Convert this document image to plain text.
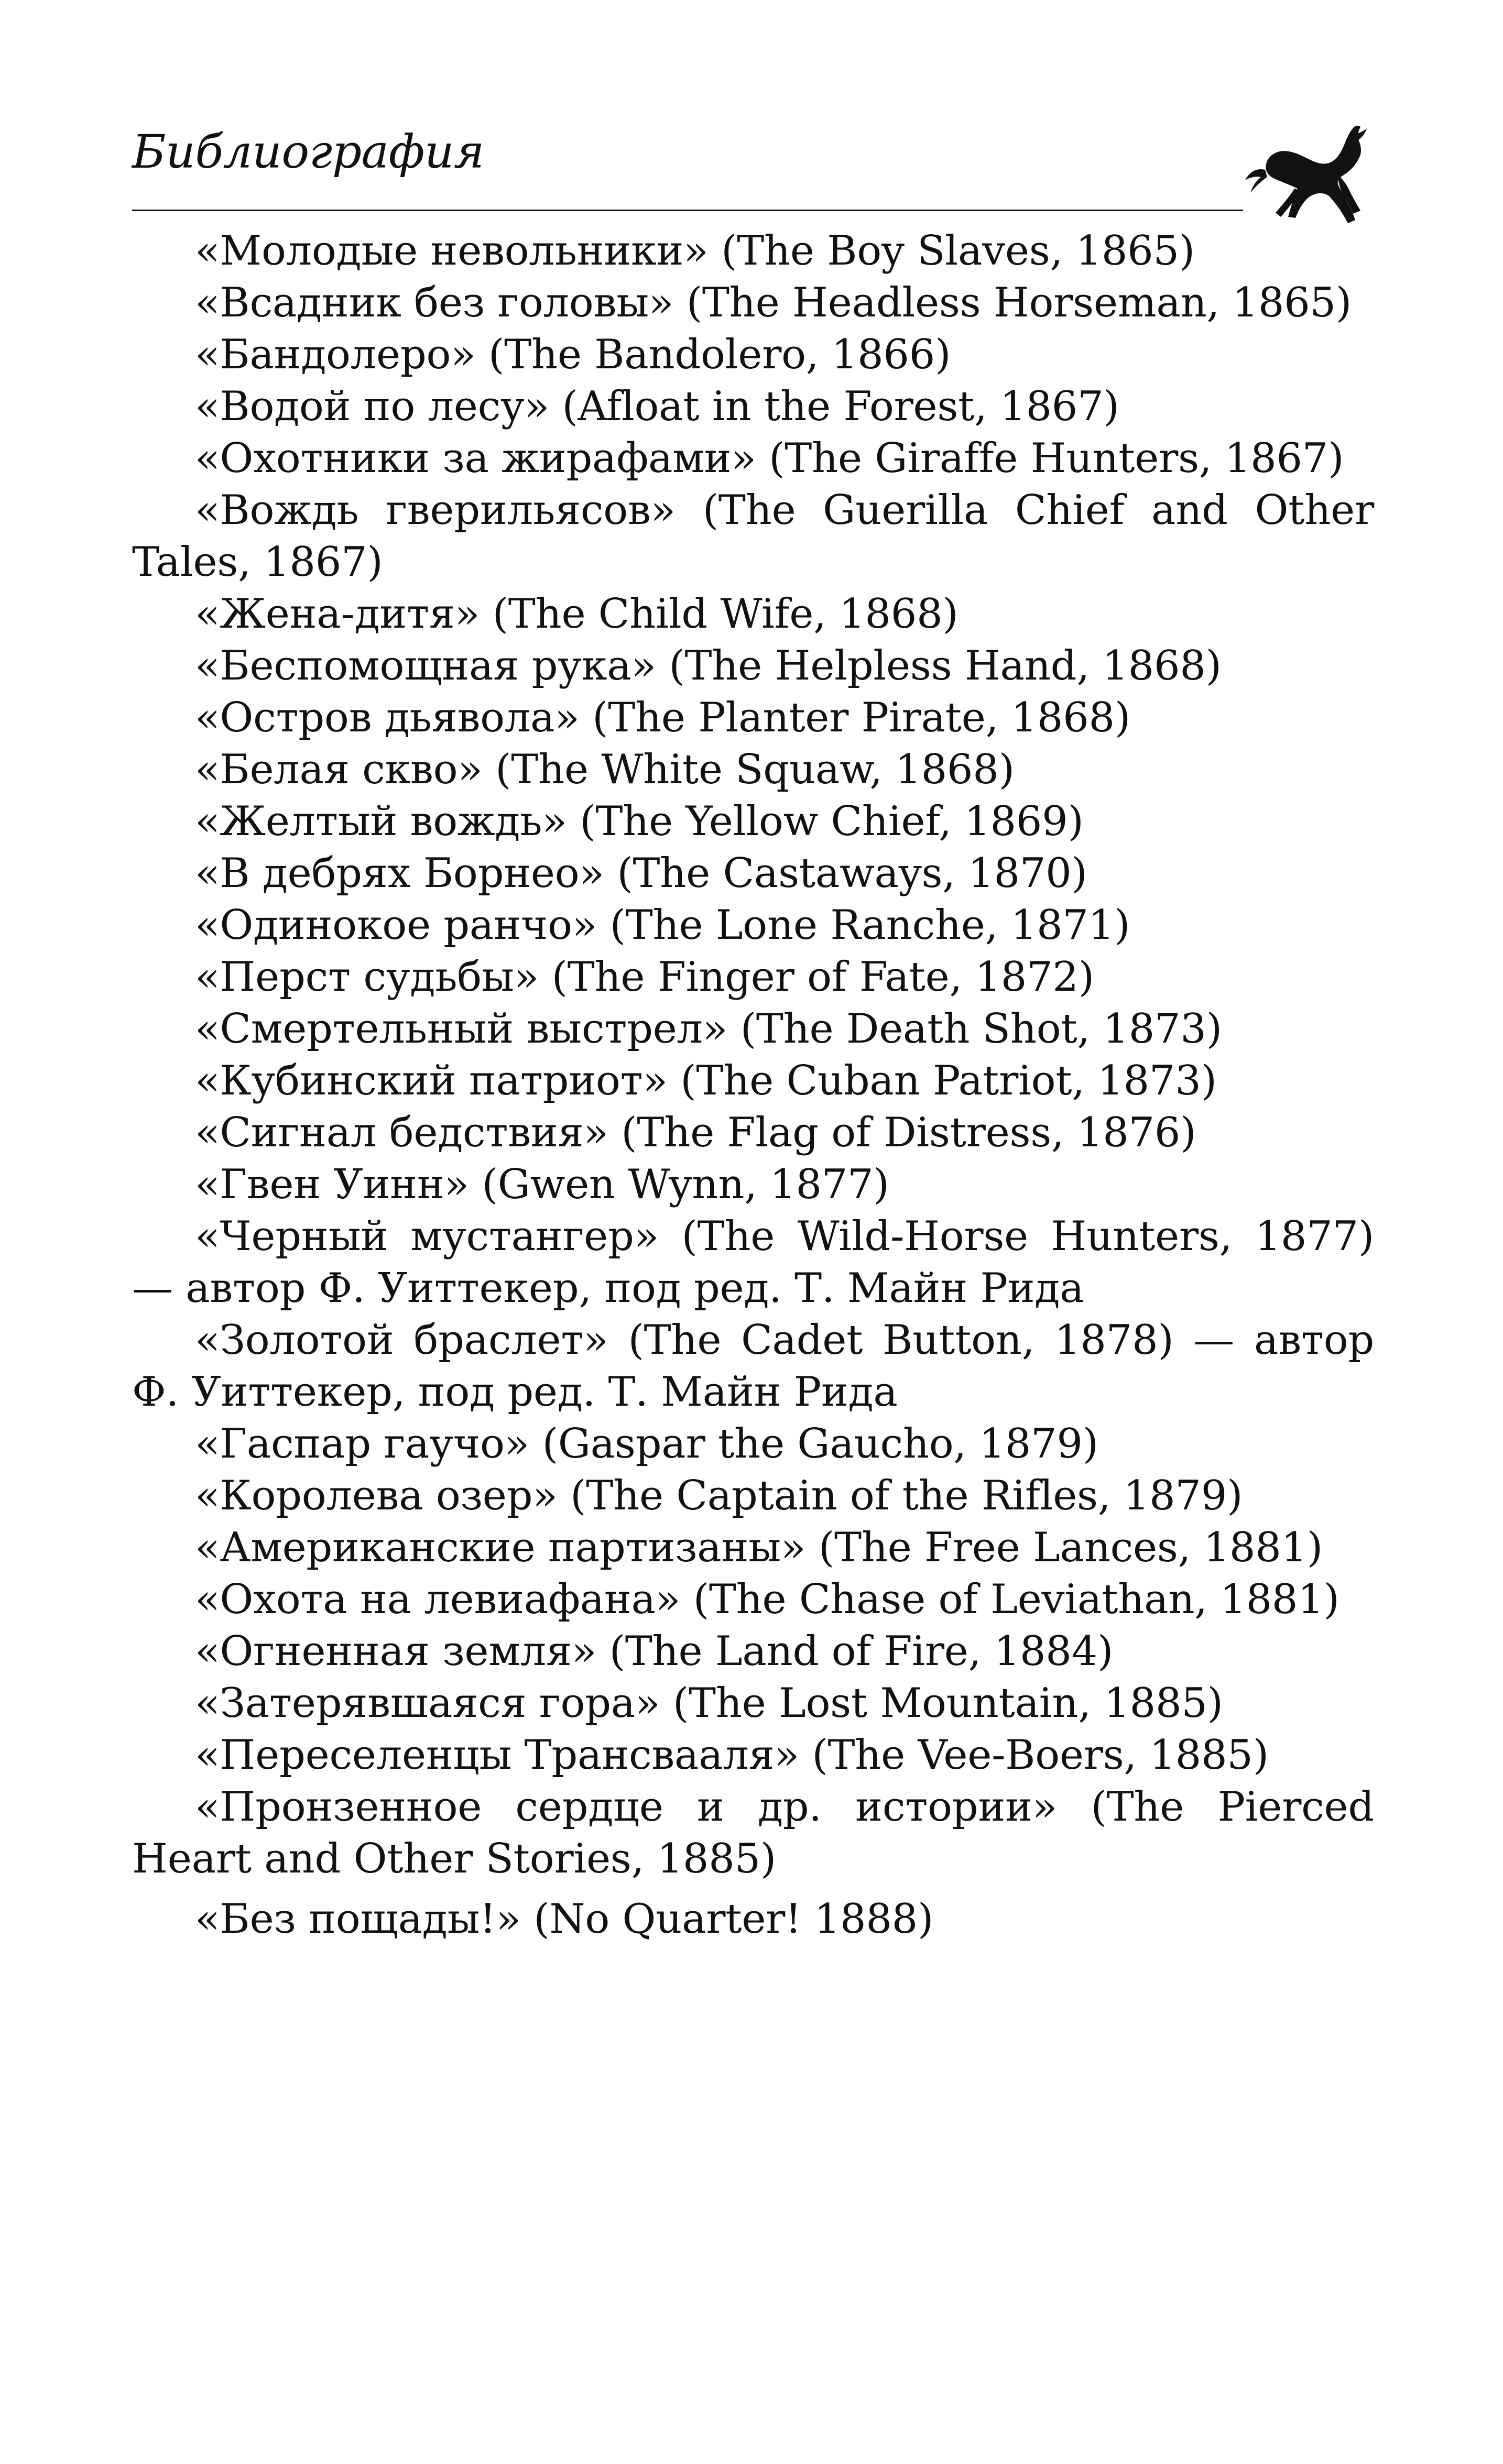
Библиография
«Молодые невольники» (The Boy Slaves, 1865)
«Всадник без головы» (The Headless Horseman, 1865)
«Бандолеро» (The Bandolero, 1866)
«Водой по лесу» (Afloat in the Forest, 1867)
«Охотники за жирафами» (The Giraffe Hunters, 1867)
«Вождь гверильясов» (The Guerilla Chief and Other Tales, 1867)
«Жена-дитя» (The Child Wife, 1868)
«Беспомощная рука» (The Helpless Hand, 1868)
«Остров дьявола» (The Planter Pirate, 1868)
«Белая скво» (The White Squaw, 1868)
«Желтый вождь» (The Yellow Chief, 1869)
«В дебрях Борнео» (The Castaways, 1870)
«Одинокое ранчо» (The Lone Ranche, 1871)
«Перст судьбы» (The Finger of Fate, 1872)
«Смертельный выстрел» (The Death Shot, 1873)
«Кубинский патриот» (The Cuban Patriot, 1873)
«Сигнал бедствия» (The Flag of Distress, 1876)
«Гвен Уинн» (Gwen Wynn, 1877)
«Черный мустангер» (The Wild-Horse Hunters, 1877) — автор Ф. Уиттекер, под ред. Т. Майн Рида
«Золотой браслет» (The Cadet Button, 1878) — автор Ф. Уиттекер, под ред. Т. Майн Рида
«Гаспар гаучо» (Gaspar the Gaucho, 1879)
«Королева озер» (The Captain of the Rifles, 1879)
«Американские партизаны» (The Free Lances, 1881)
«Охота на левиафана» (The Chase of Leviathan, 1881)
«Огненная земля» (The Land of Fire, 1884)
«Затерявшаяся гора» (The Lost Mountain, 1885)
«Переселенцы Трансвааля» (The Vee-Boers, 1885)
«Пронзенное сердце и др. истории» (The Pierced Heart and Other Stories, 1885)
«Без пощады!» (No Quarter! 1888)
